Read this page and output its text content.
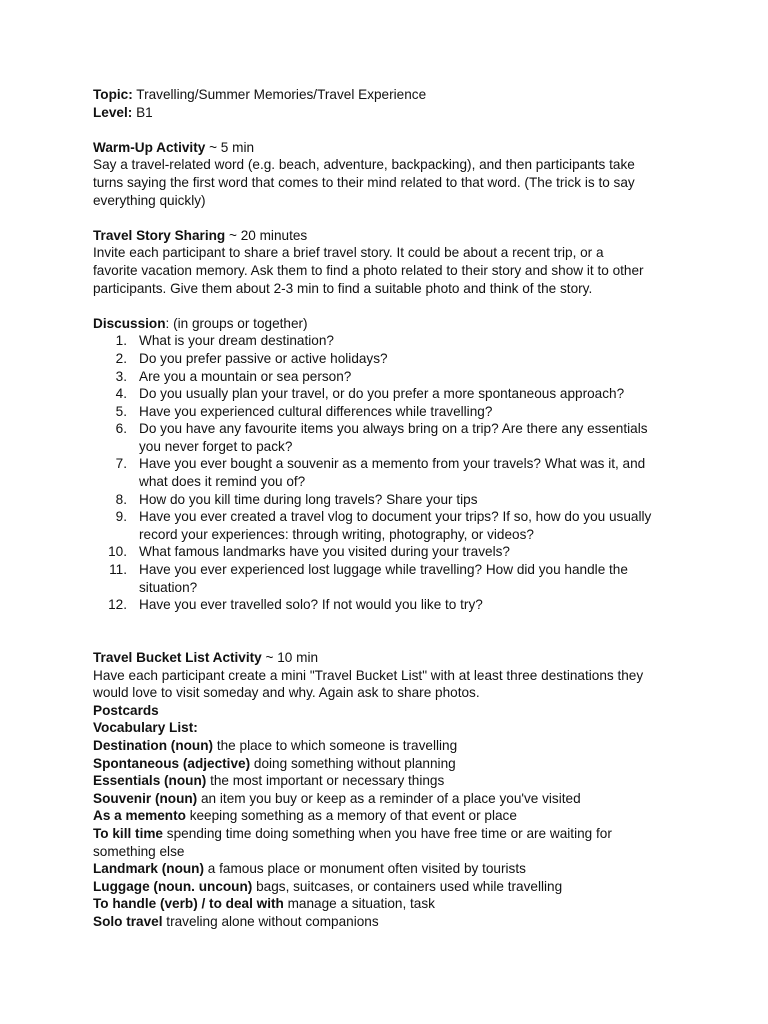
Topic: Travelling/Summer Memories/Travel Experience
Level: B1
Warm-Up Activity ~ 5 min
Say a travel-related word (e.g. beach, adventure, backpacking), and then participants take
turns saying the first word that comes to their mind related to that word. (The trick is to say
everything quickly)
Travel Story Sharing ~ 20 minutes
Invite each participant to share a brief travel story. It could be about a recent trip, or a
favorite vacation memory. Ask them to find a photo related to their story and show it to other
participants. Give them about 2-3 min to find a suitable photo and think of the story.
Discussion: (in groups or together)
1. What is your dream destination?
2. Do you prefer passive or active holidays?
3. Are you a mountain or sea person?
4. Do you usually plan your travel, or do you prefer a more spontaneous approach?
5. Have you experienced cultural differences while travelling?
6. Do you have any favourite items you always bring on a trip? Are there any essentials
you never forget to pack?
7. Have you ever bought a souvenir as a memento from your travels? What was it, and
what does it remind you of?
8. How do you kill time during long travels? Share your tips
9. Have you ever created a travel vlog to document your trips? If so, how do you usually
record your experiences: through writing, photography, or videos?
10. What famous landmarks have you visited during your travels?
11. Have you ever experienced lost luggage while travelling? How did you handle the
situation?
12. Have you ever travelled solo? If not would you like to try?
Travel Bucket List Activity ~ 10 min
Have each participant create a mini "Travel Bucket List" with at least three destinations they
would love to visit someday and why. Again ask to share photos.
Postcards
Vocabulary List:
Destination (noun) the place to which someone is travelling
Spontaneous (adjective) doing something without planning
Essentials (noun) the most important or necessary things
Souvenir (noun) an item you buy or keep as a reminder of a place you've visited
As a memento keeping something as a memory of that event or place
To kill time spending time doing something when you have free time or are waiting for
something else
Landmark (noun) a famous place or monument often visited by tourists
Luggage (noun. uncoun) bags, suitcases, or containers used while travelling
To handle (verb) / to deal with manage a situation, task
Solo travel traveling alone without companions
